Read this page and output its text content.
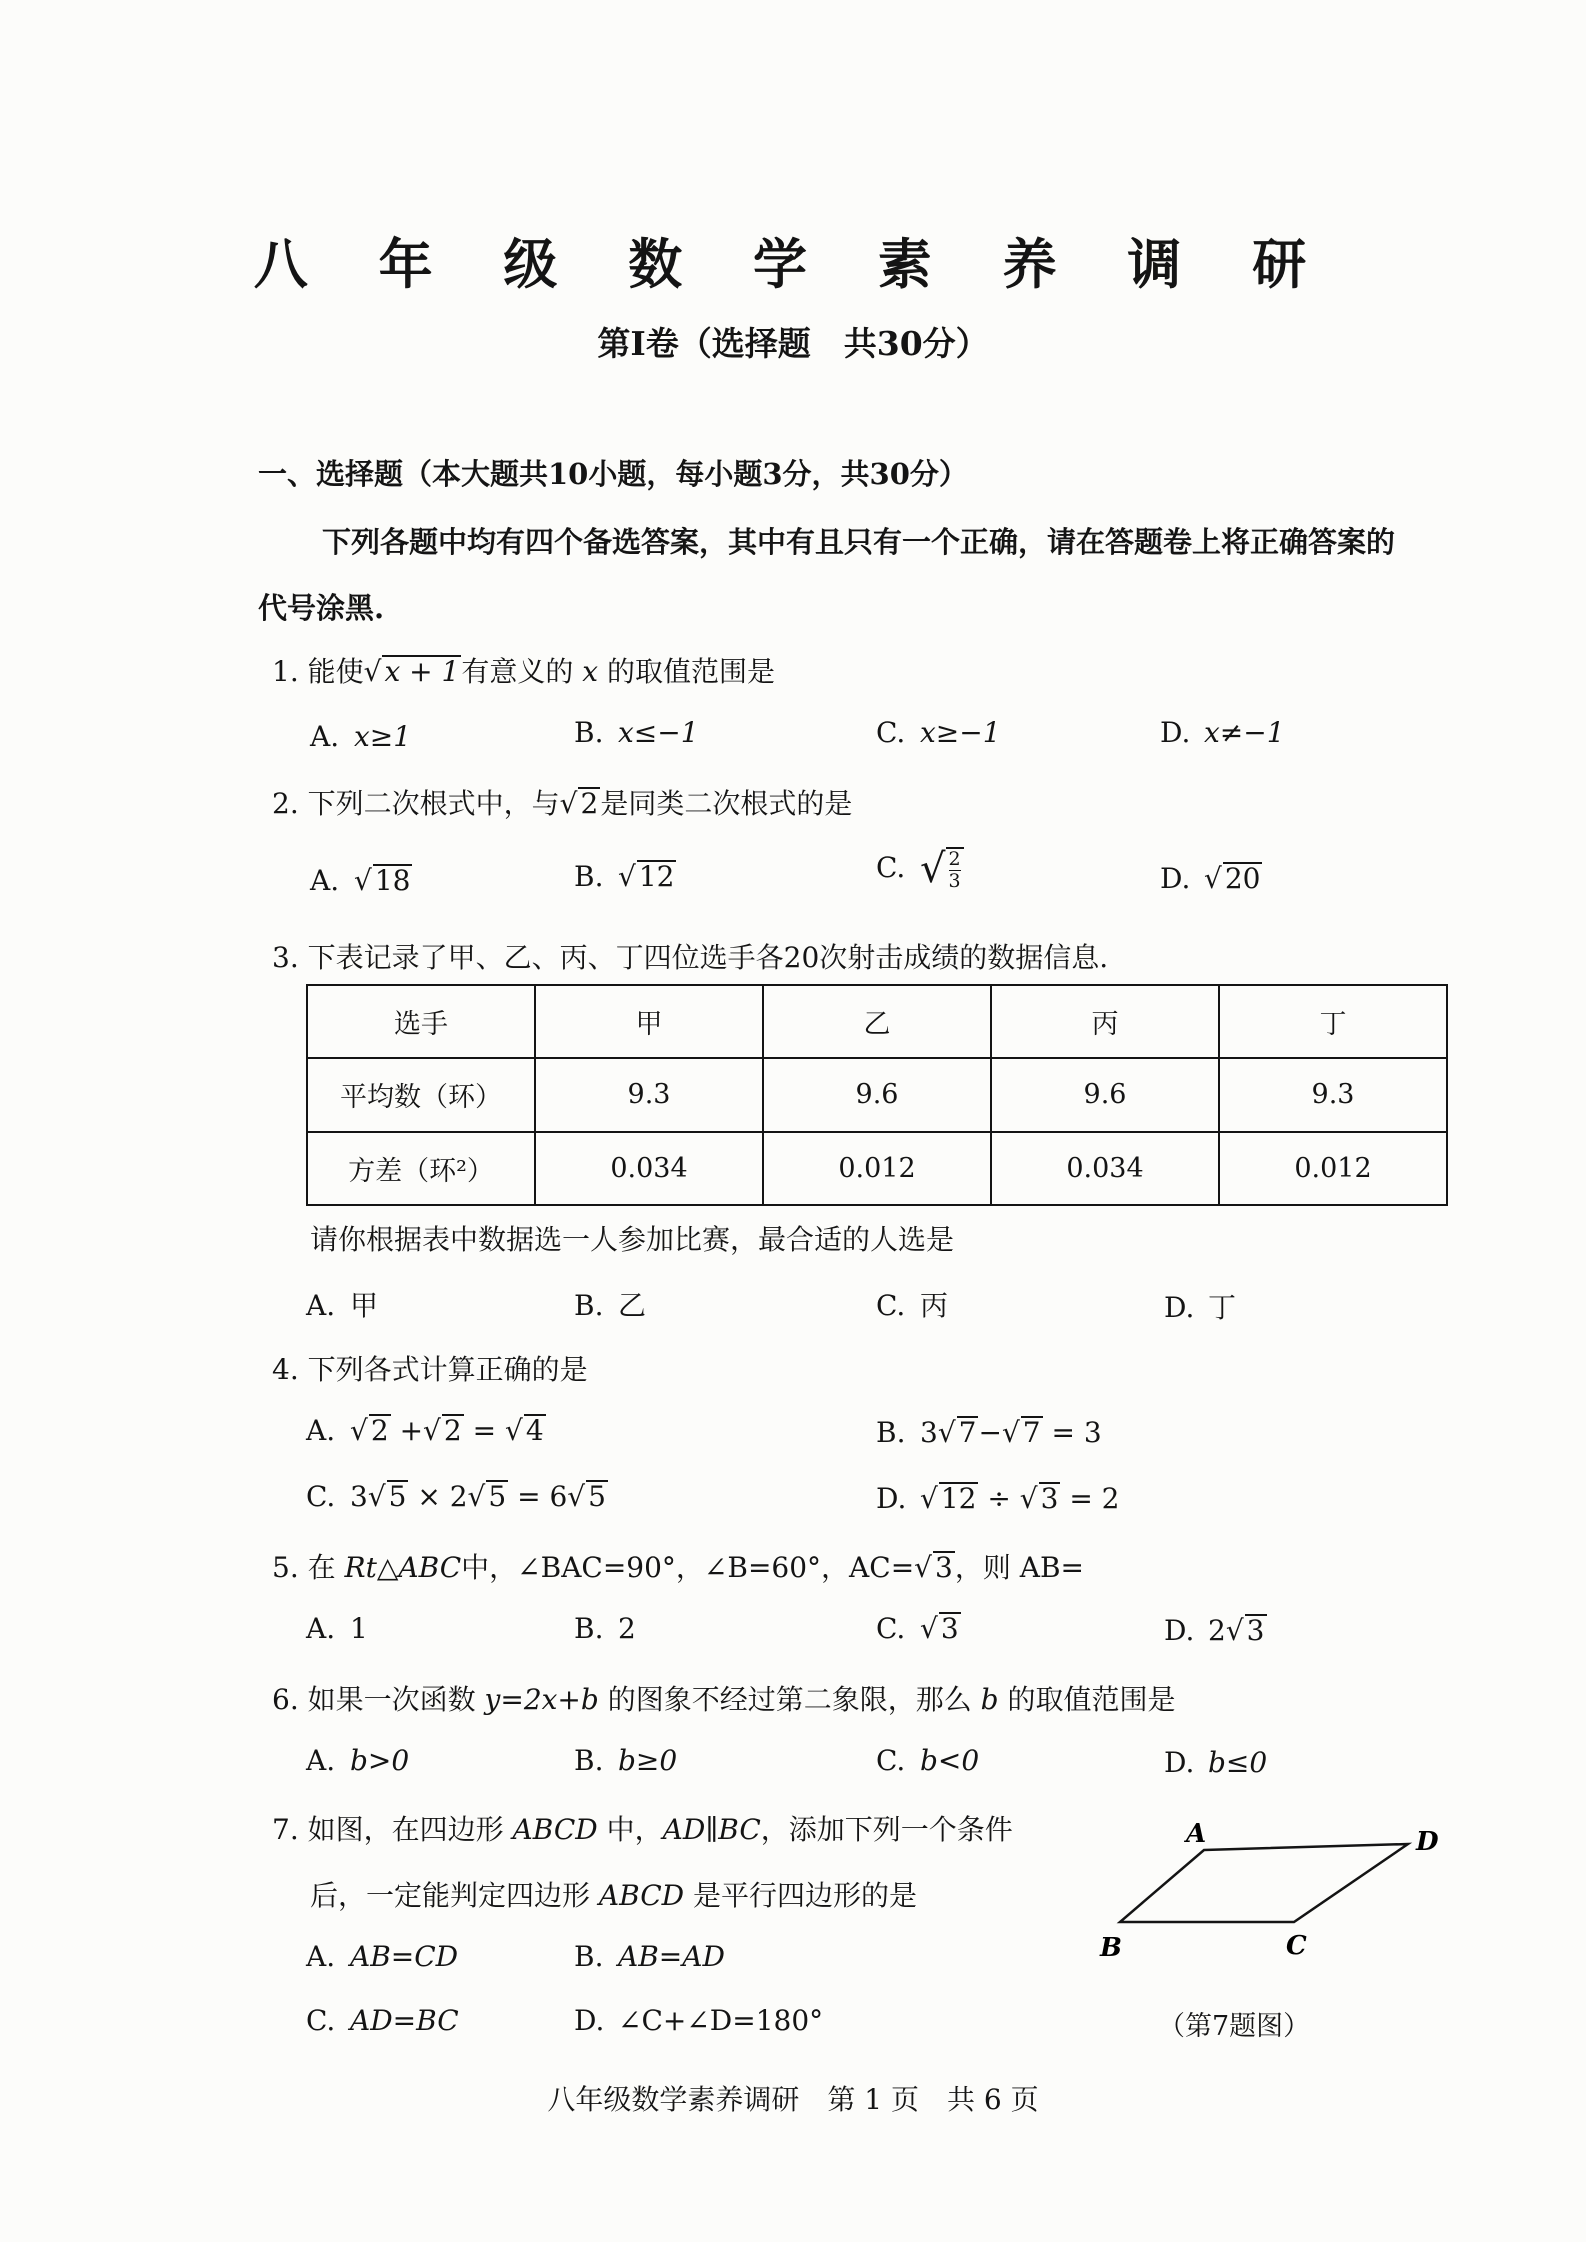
八 年 级 数 学 素 养 调 研
第Ⅰ卷（选择题　共30分）
一、选择题（本大题共10小题，每小题3分，共30分）
下列各题中均有四个备选答案，其中有且只有一个正确，请在答题卷上将正确答案的
代号涂黑.
1. 能使√ x + 1有意义的 x 的取值范围是
A. x≥1	B. x≤−1	C. x≥−1	D. x≠−1
2. 下列二次根式中，与√ 2是同类二次根式的是
A. √ 18	B. √ 12	C. √ $\frac{2}{3}$	D. √ 20
3. 下表记录了甲、乙、丙、丁四位选手各20次射击成绩的数据信息.
选手	甲	乙	丙	丁
平均数（环）	9.3	9.6	9.6	9.3
方差（环²）	0.034	0.012	0.034	0.012
请你根据表中数据选一人参加比赛，最合适的人选是
A. 甲	B. 乙	C. 丙	D. 丁
4. 下列各式计算正确的是
A. √ 2 +√ 2 = √ 4	B. 3√ 7−√ 7 = 3
C. 3√ 5 × 2√ 5 = 6√ 5	D. √ 12 ÷ √ 3 = 2
5. 在 Rt△ABC中，∠BAC=90°，∠B=60°，AC=√ 3，则 AB=
A. 1	B. 2	C. √ 3	D. 2√ 3
6. 如果一次函数 y=2x+b 的图象不经过第二象限，那么 b 的取值范围是
A. b>0	B. b≥0	C. b<0	D. b≤0
7. 如图，在四边形 ABCD 中，AD∥BC，添加下列一个条件
后，一定能判定四边形 ABCD 是平行四边形的是
A. AB=CD	B. AB=AD
C. AD=BC	D. ∠C+∠D=180°
A	D
B	C
（第7题图）
八年级数学素养调研　第 1 页　共 6 页
